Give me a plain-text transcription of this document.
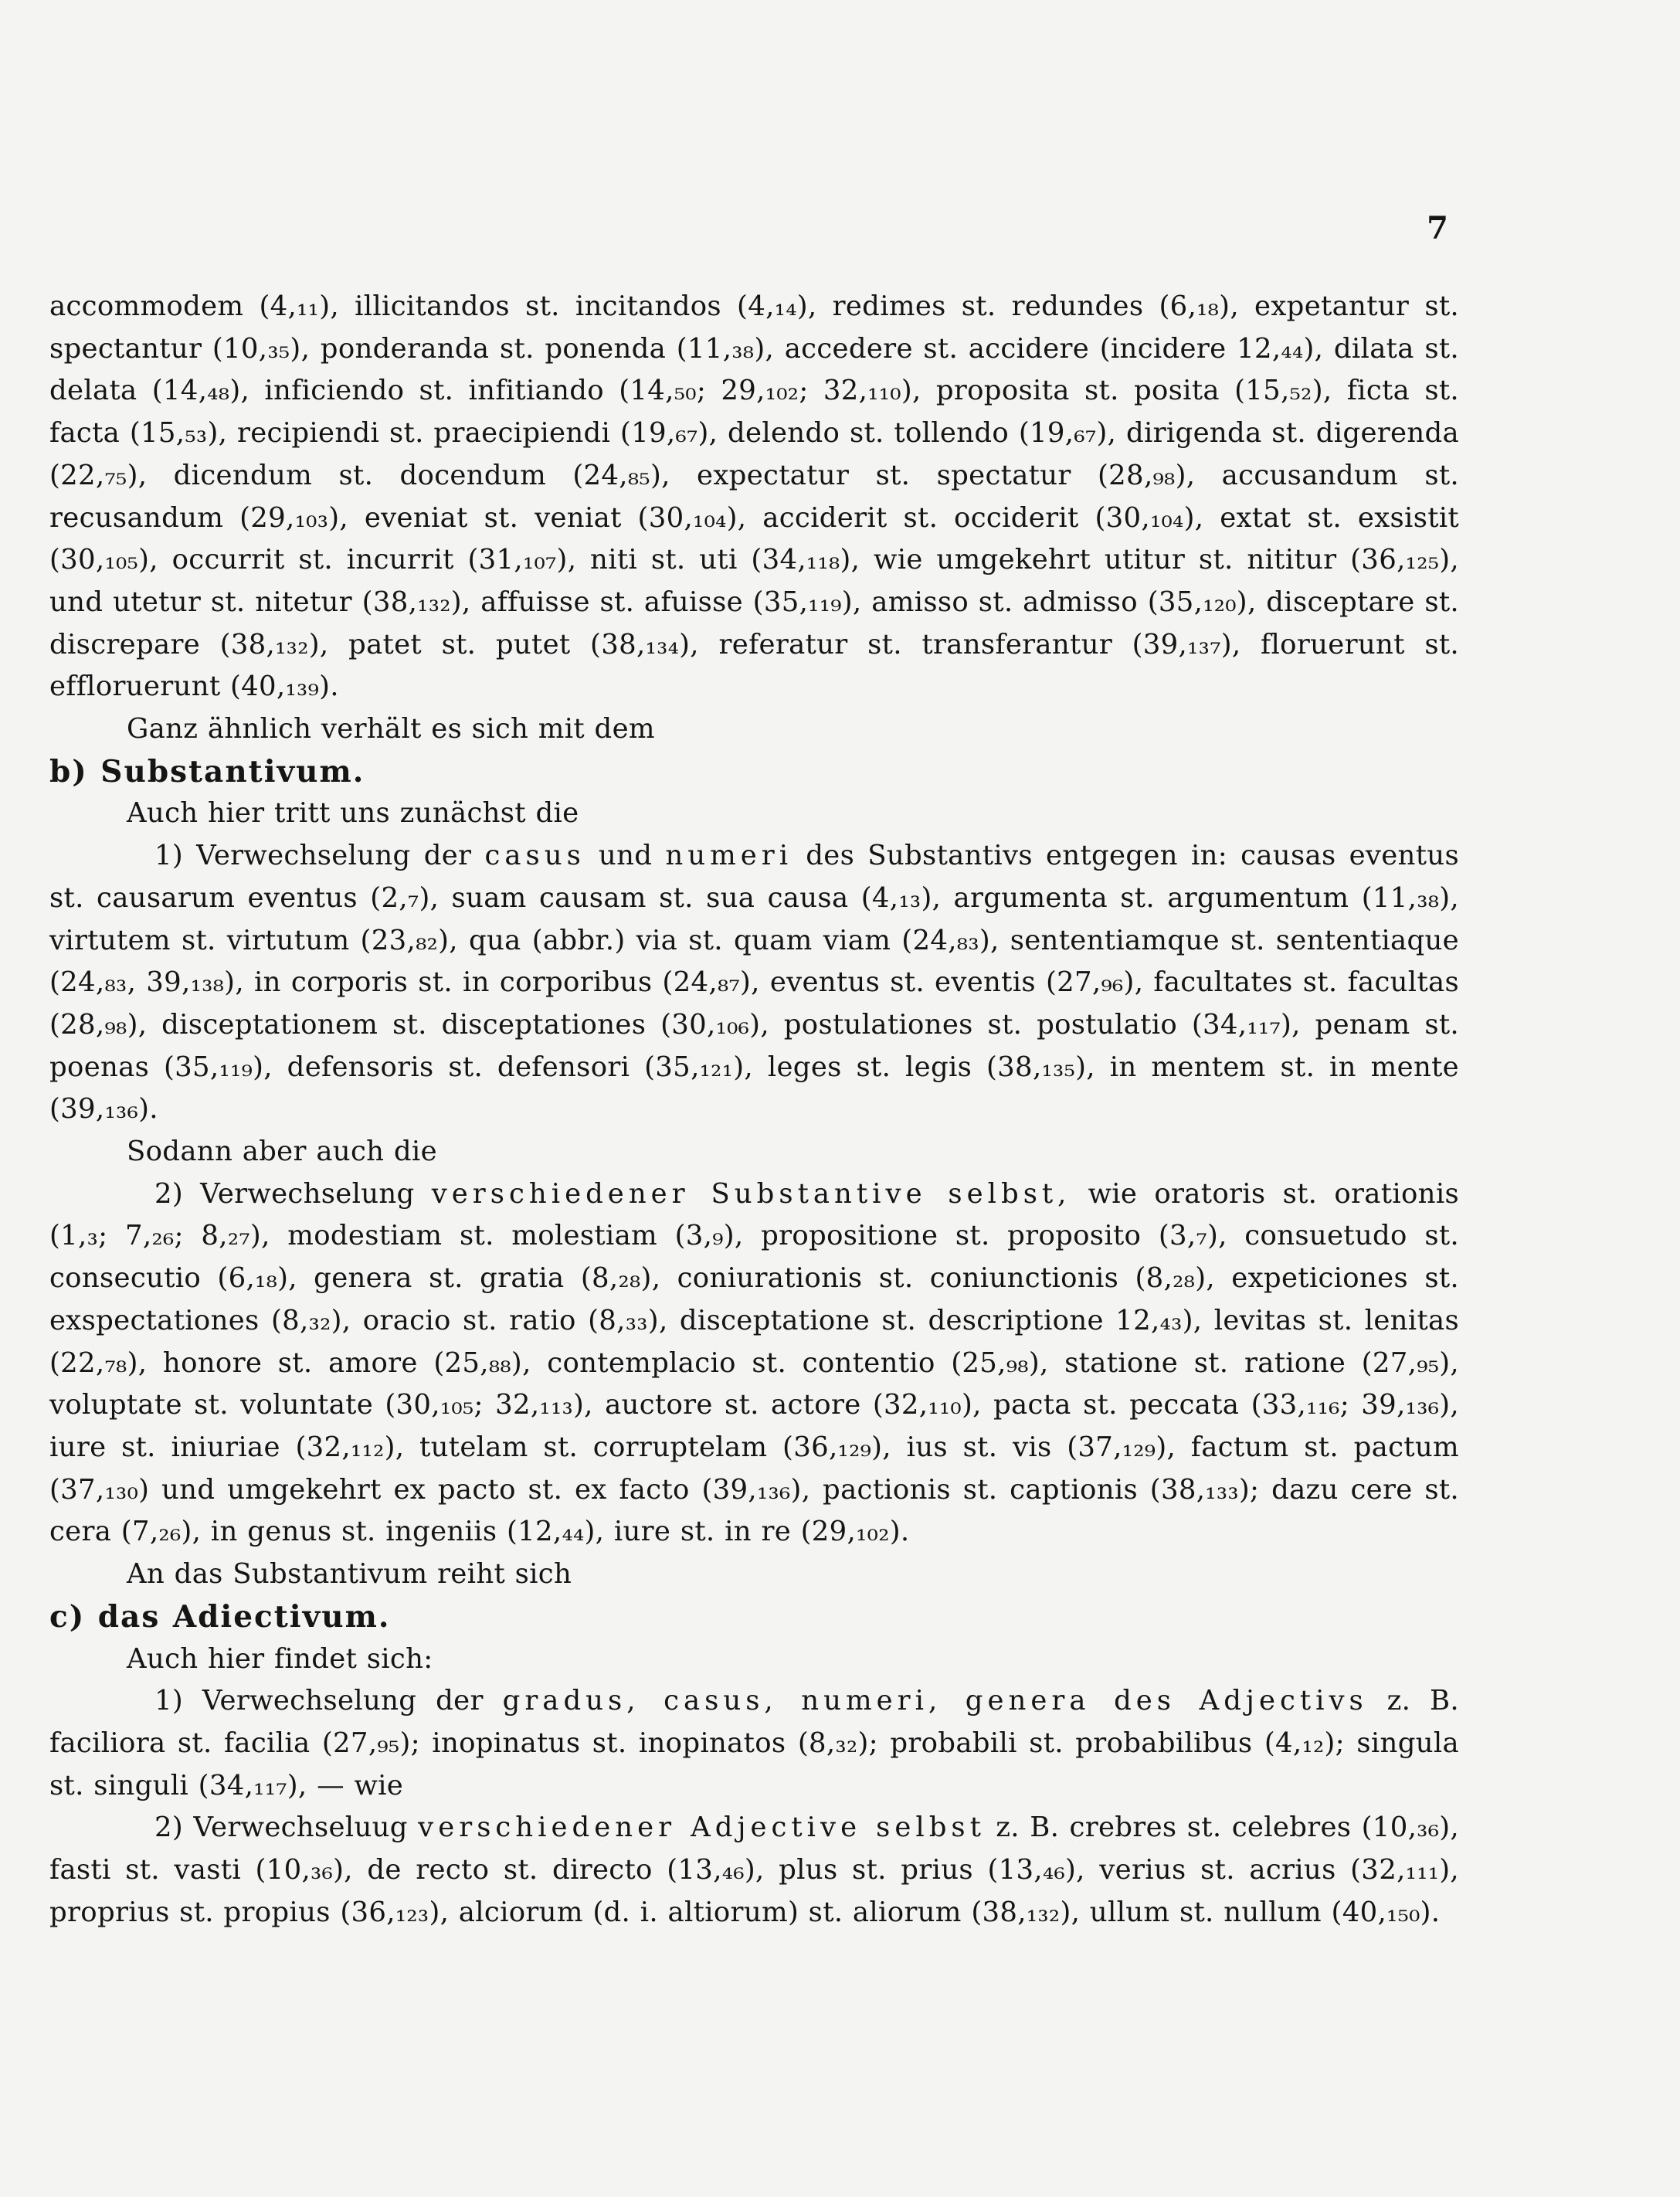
7

accommodem (4,₁₁), illicitandos st. incitandos (4,₁₄), redimes st. redundes (6,₁₈), expetantur st. spectantur (10,₃₅), ponderanda st. ponenda (11,₃₈), accedere st. accidere (incidere 12,₄₄), dilata st. delata (14,₄₈), inficiendo st. infitiando (14,₅₀; 29,₁₀₂; 32,₁₁₀), proposita st. posita (15,₅₂), ficta st. facta (15,₅₃), recipiendi st. praecipiendi (19,₆₇), delendo st. tollendo (19,₆₇), dirigenda st. digerenda (22,₇₅), dicendum st. docendum (24,₈₅), expectatur st. spectatur (28,₉₈), accusandum st. recusandum (29,₁₀₃), eveniat st. veniat (30,₁₀₄), acciderit st. occiderit (30,₁₀₄), extat st. exsistit (30,₁₀₅), occurrit st. incurrit (31,₁₀₇), niti st. uti (34,₁₁₈), wie umgekehrt utitur st. nititur (36,₁₂₅), und utetur st. nitetur (38,₁₃₂), affuisse st. afuisse (35,₁₁₉), amisso st. admisso (35,₁₂₀), disceptare st. discrepare (38,₁₃₂), patet st. putet (38,₁₃₄), referatur st. transferantur (39,₁₃₇), floruerunt st. effloruerunt (40,₁₃₉).

Ganz ähnlich verhält es sich mit dem

b) Substantivum.

Auch hier tritt uns zunächst die

1) Verwechselung der casus und numeri des Substantivs entgegen in: causas eventus st. causarum eventus (2,₇), suam causam st. sua causa (4,₁₃), argumenta st. argumentum (11,₃₈), virtutem st. virtutum (23,₈₂), qua (abbr.) via st. quam viam (24,₈₃), sententiamque st. sententiaque (24,₈₃, 39,₁₃₈), in corporis st. in corporibus (24,₈₇), eventus st. eventis (27,₉₆), facultates st. facultas (28,₉₈), disceptationem st. disceptationes (30,₁₀₆), postulationes st. postulatio (34,₁₁₇), penam st. poenas (35,₁₁₉), defensoris st. defensori (35,₁₂₁), leges st. legis (38,₁₃₅), in mentem st. in mente (39,₁₃₆).

Sodann aber auch die

2) Verwechselung verschiedener Substantive selbst, wie oratoris st. orationis (1,₃; 7,₂₆; 8,₂₇), modestiam st. molestiam (3,₉), propositione st. proposito (3,₇), consuetudo st. consecutio (6,₁₈), genera st. gratia (8,₂₈), coniurationis st. coniunctionis (8,₂₈), expeticiones st. exspectationes (8,₃₂), oracio st. ratio (8,₃₃), disceptatione st. descriptione 12,₄₃), levitas st. lenitas (22,₇₈), honore st. amore (25,₈₈), contemplacio st. contentio (25,₉₈), statione st. ratione (27,₉₅), voluptate st. voluntate (30,₁₀₅; 32,₁₁₃), auctore st. actore (32,₁₁₀), pacta st. peccata (33,₁₁₆; 39,₁₃₆), iure st. iniuriae (32,₁₁₂), tutelam st. corruptelam (36,₁₂₉), ius st. vis (37,₁₂₉), factum st. pactum (37,₁₃₀) und umgekehrt ex pacto st. ex facto (39,₁₃₆), pactionis st. captionis (38,₁₃₃); dazu cere st. cera (7,₂₆), in genus st. ingeniis (12,₄₄), iure st. in re (29,₁₀₂).

An das Substantivum reiht sich

c) das Adiectivum.

Auch hier findet sich:

1) Verwechselung der gradus, casus, numeri, genera des Adjectivs z. B. faciliora st. facilia (27,₉₅); inopinatus st. inopinatos (8,₃₂); probabili st. probabilibus (4,₁₂); singula st. singuli (34,₁₁₇), — wie

2) Verwechseluug verschiedener Adjective selbst z. B. crebres st. celebres (10,₃₆), fasti st. vasti (10,₃₆), de recto st. directo (13,₄₆), plus st. prius (13,₄₆), verius st. acrius (32,₁₁₁), proprius st. propius (36,₁₂₃), alciorum (d. i. altiorum) st. aliorum (38,₁₃₂), ullum st. nullum (40,₁₅₀).
